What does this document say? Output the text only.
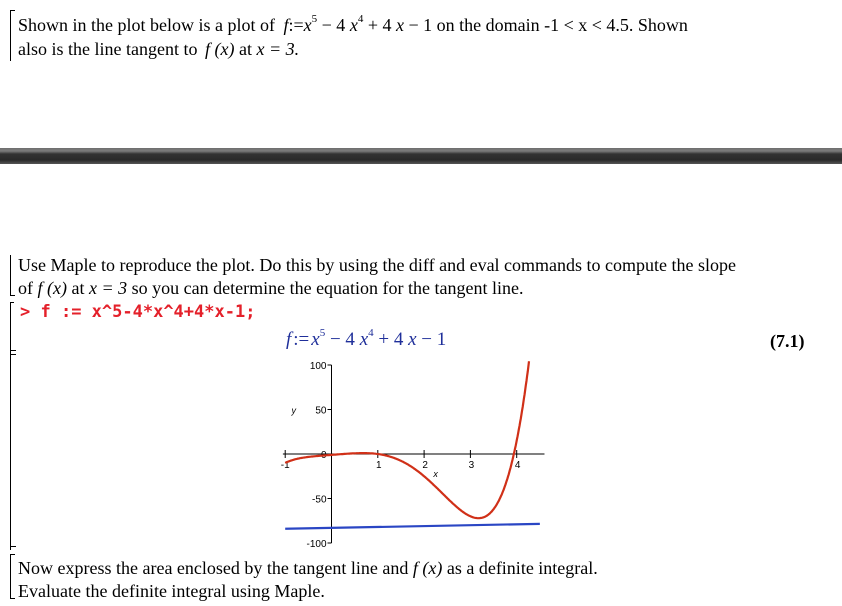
Shown in the plot below is a plot of $f:=x^5 - 4$ $x^4 + 4$ x − 1 on the domain -1 < x < 4.5. Shown
also is the line tangent to f (x) at x = 3.
Use Maple to reproduce the plot. Do this by using the diff and eval commands to compute the slope
of f (x) at x = 3 so you can determine the equation for the tangent line.
> f := x^5-4*x^4+4*x-1;
f := $x^5 - 4$ $x^4 + 4$ x − 1	(7.1)
-1	1	2	3	4
100
50
0
-50
-100
x
y
Now express the area enclosed by the tangent line and f (x) as a definite integral.
Evaluate the definite integral using Maple.
